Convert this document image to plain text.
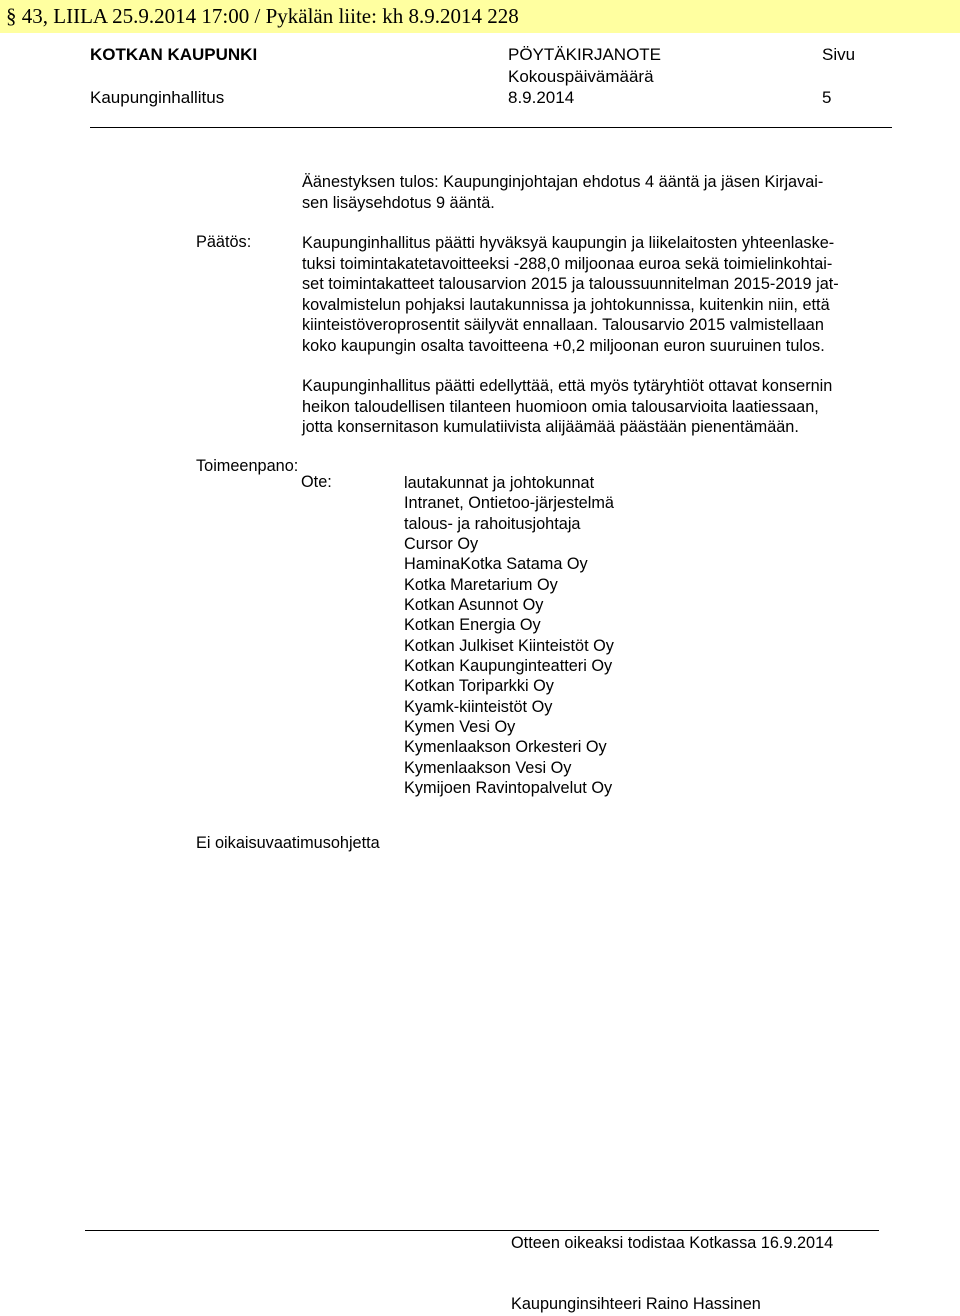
§ 43, LIILA 25.9.2014 17:00 / Pykälän liite: kh 8.9.2014 228
KOTKAN KAUPUNKI	PÖYTÄKIRJANOTE	Sivu
Kokouspäivämäärä
Kaupunginhallitus	8.9.2014	5
Äänestyksen tulos: Kaupunginjohtajan ehdotus 4 ääntä ja jäsen Kirjavai-
sen lisäysehdotus 9 ääntä.
Päätös:	Kaupunginhallitus päätti hyväksyä kaupungin ja liikelaitosten yhteenlaske-
tuksi toimintakatetavoitteeksi -288,0 miljoonaa euroa sekä toimielinkohtai-
set toimintakatteet talousarvion 2015 ja taloussuunnitelman 2015-2019 jat-
kovalmistelun pohjaksi lautakunnissa ja johtokunnissa, kuitenkin niin, että
kiinteistöveroprosentit säilyvät ennallaan. Talousarvio 2015 valmistellaan
koko kaupungin osalta tavoitteena +0,2 miljoonan euron suuruinen tulos.
Kaupunginhallitus päätti edellyttää, että myös tytäryhtiöt ottavat konsernin
heikon taloudellisen tilanteen huomioon omia talousarvioita laatiessaan,
jotta konsernitason kumulatiivista alijäämää päästään pienentämään.
Toimeenpano:
Ote:	lautakunnat ja johtokunnat
Intranet, Ontietoo-järjestelmä
talous- ja rahoitusjohtaja
Cursor Oy
HaminaKotka Satama Oy
Kotka Maretarium Oy
Kotkan Asunnot Oy
Kotkan Energia Oy
Kotkan Julkiset Kiinteistöt Oy
Kotkan Kaupunginteatteri Oy
Kotkan Toriparkki Oy
Kyamk-kiinteistöt Oy
Kymen Vesi Oy
Kymenlaakson Orkesteri Oy
Kymenlaakson Vesi Oy
Kymijoen Ravintopalvelut Oy
Ei oikaisuvaatimusohjetta
Otteen oikeaksi todistaa Kotkassa 16.9.2014
Kaupunginsihteeri Raino Hassinen
